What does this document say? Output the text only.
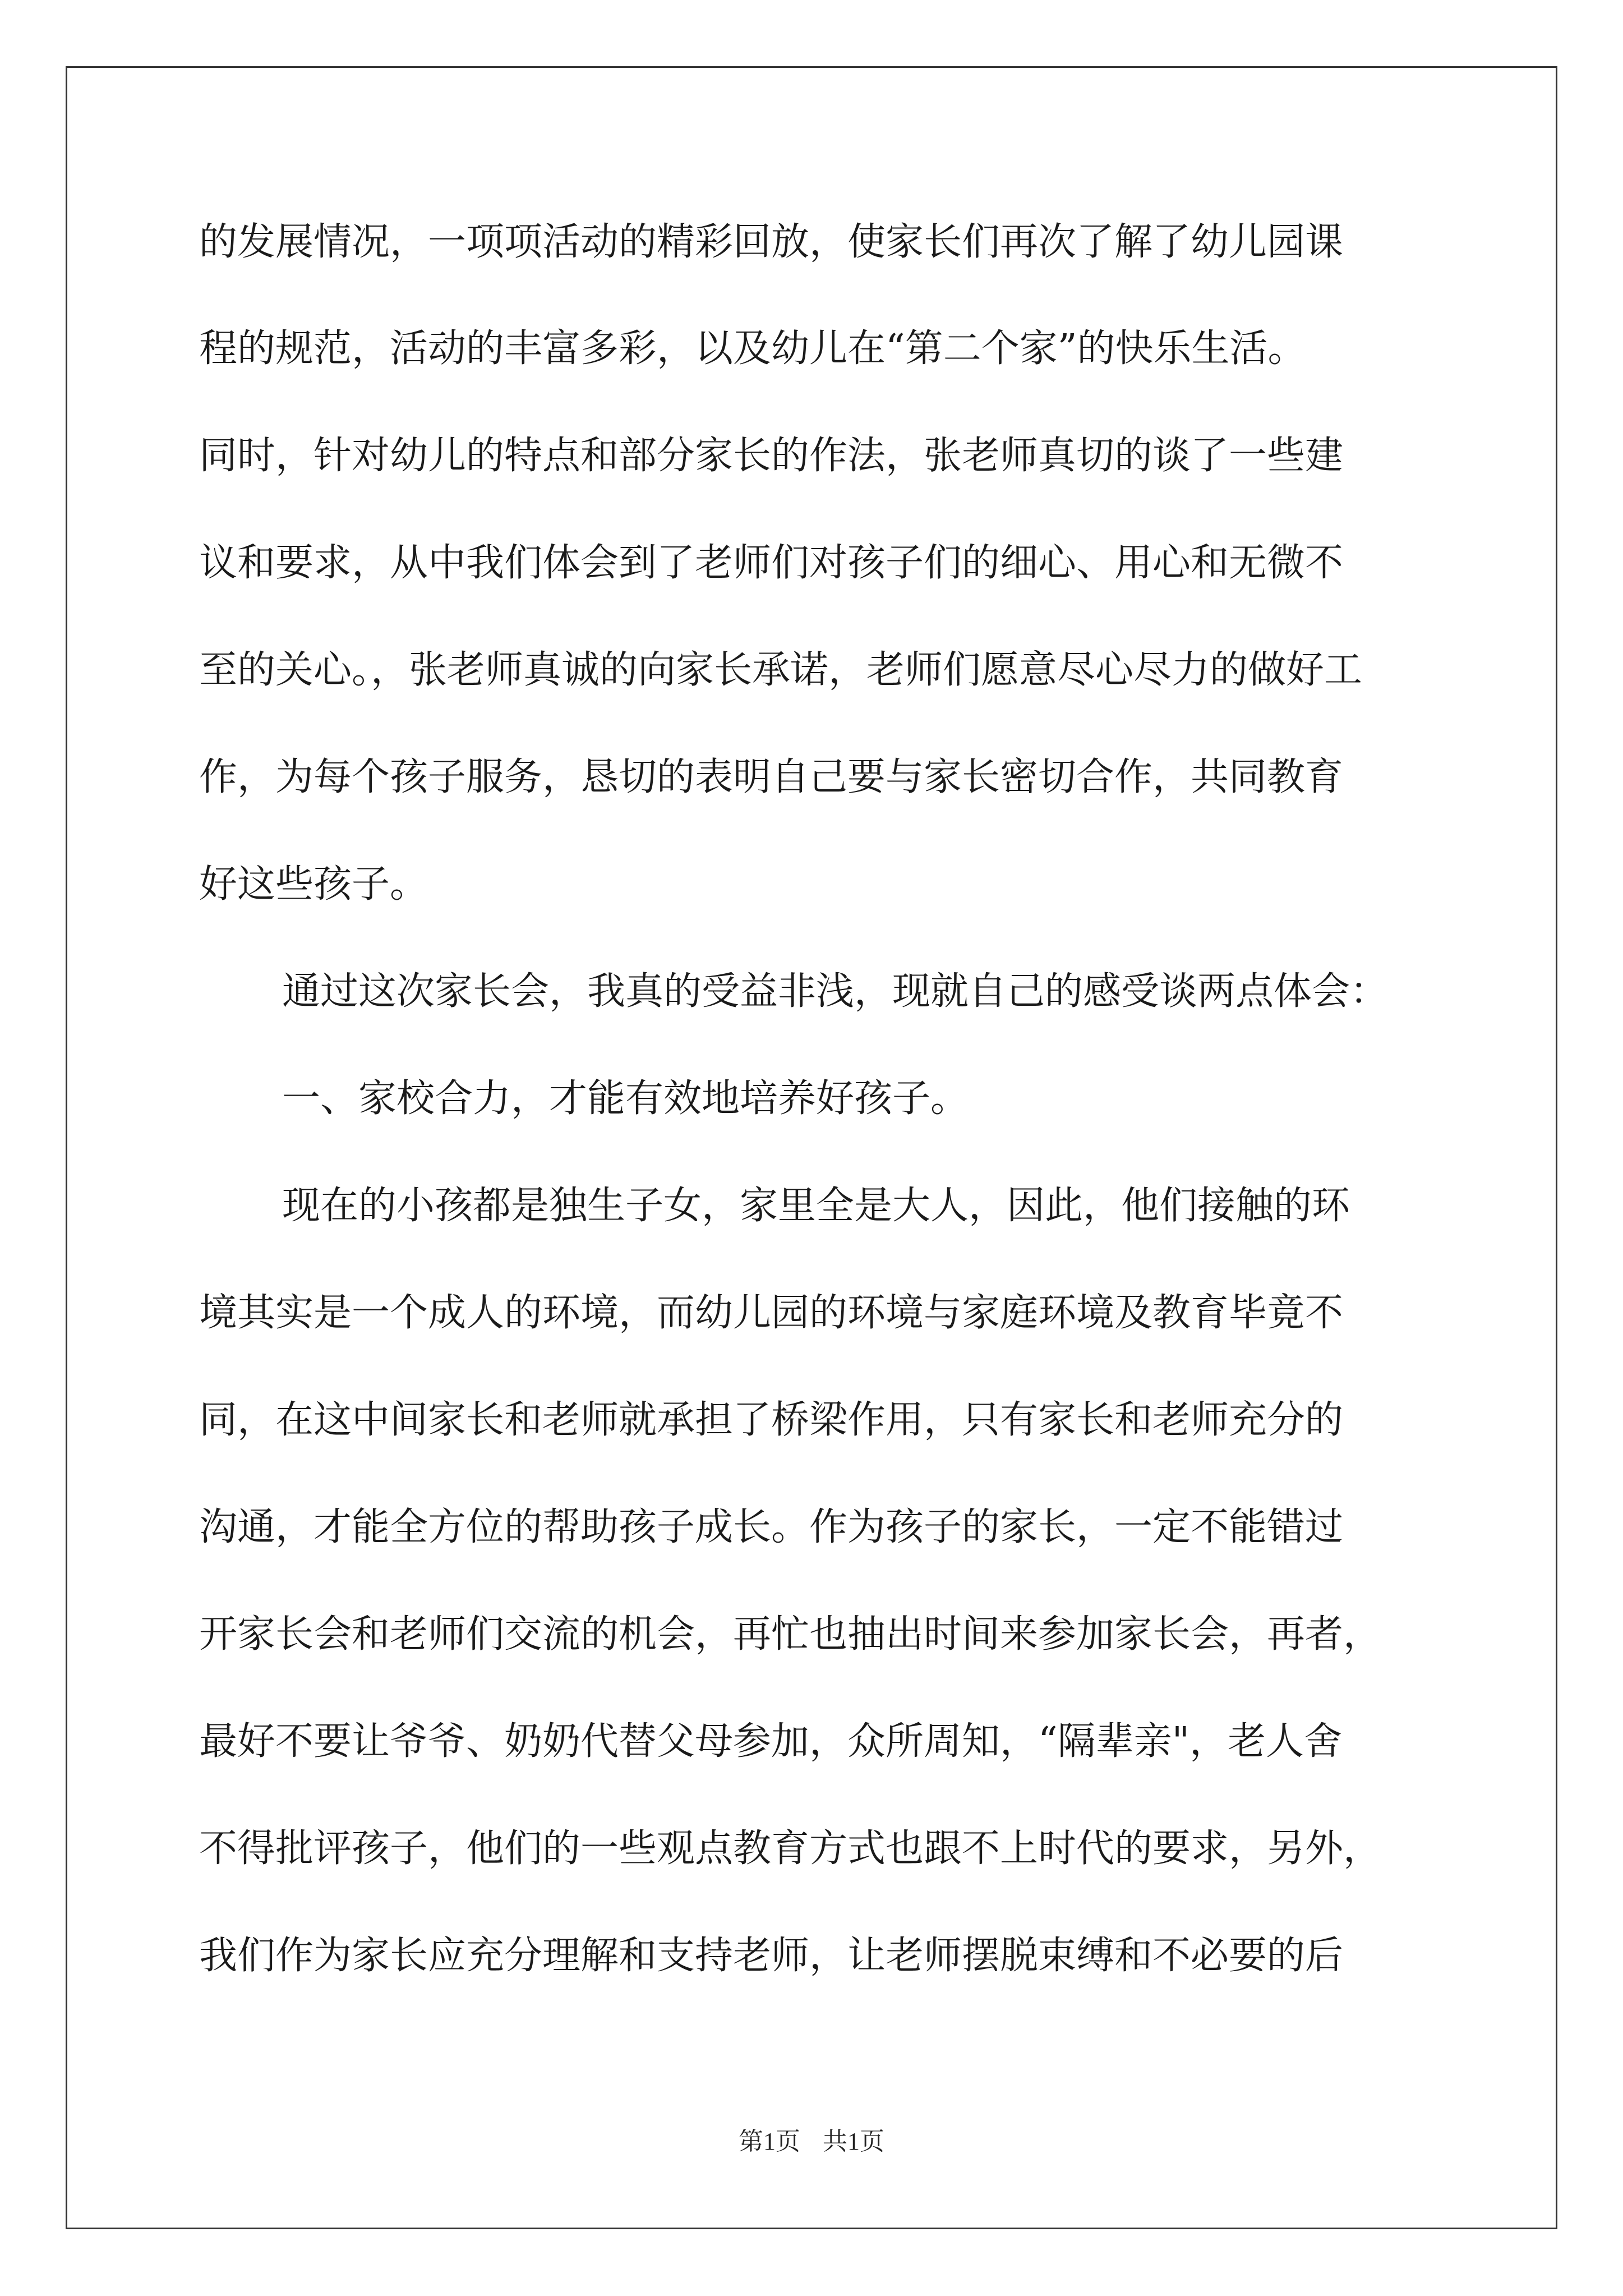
的发展情况，一项项活动的精彩回放，使家长们再次了解了幼儿园课
程的规范，活动的丰富多彩，以及幼儿在“第二个家”的快乐生活。
同时，针对幼儿的特点和部分家长的作法，张老师真切的谈了一些建
议和要求，从中我们体会到了老师们对孩子们的细心、用心和无微不
至的关心。，张老师真诚的向家长承诺，老师们愿意尽心尽力的做好工
作，为每个孩子服务，恳切的表明自己要与家长密切合作，共同教育
好这些孩子。
通过这次家长会，我真的受益非浅，现就自己的感受谈两点体会：
一、家校合力，才能有效地培养好孩子。
现在的小孩都是独生子女，家里全是大人，因此，他们接触的环
境其实是一个成人的环境，而幼儿园的环境与家庭环境及教育毕竟不
同，在这中间家长和老师就承担了桥梁作用，只有家长和老师充分的
沟通，才能全方位的帮助孩子成长。作为孩子的家长，一定不能错过
开家长会和老师们交流的机会，再忙也抽出时间来参加家长会，再者，
最好不要让爷爷、奶奶代替父母参加，众所周知，“隔辈亲"，老人舍
不得批评孩子，他们的一些观点教育方式也跟不上时代的要求，另外，
我们作为家长应充分理解和支持老师，让老师摆脱束缚和不必要的后
第1页 共1页
